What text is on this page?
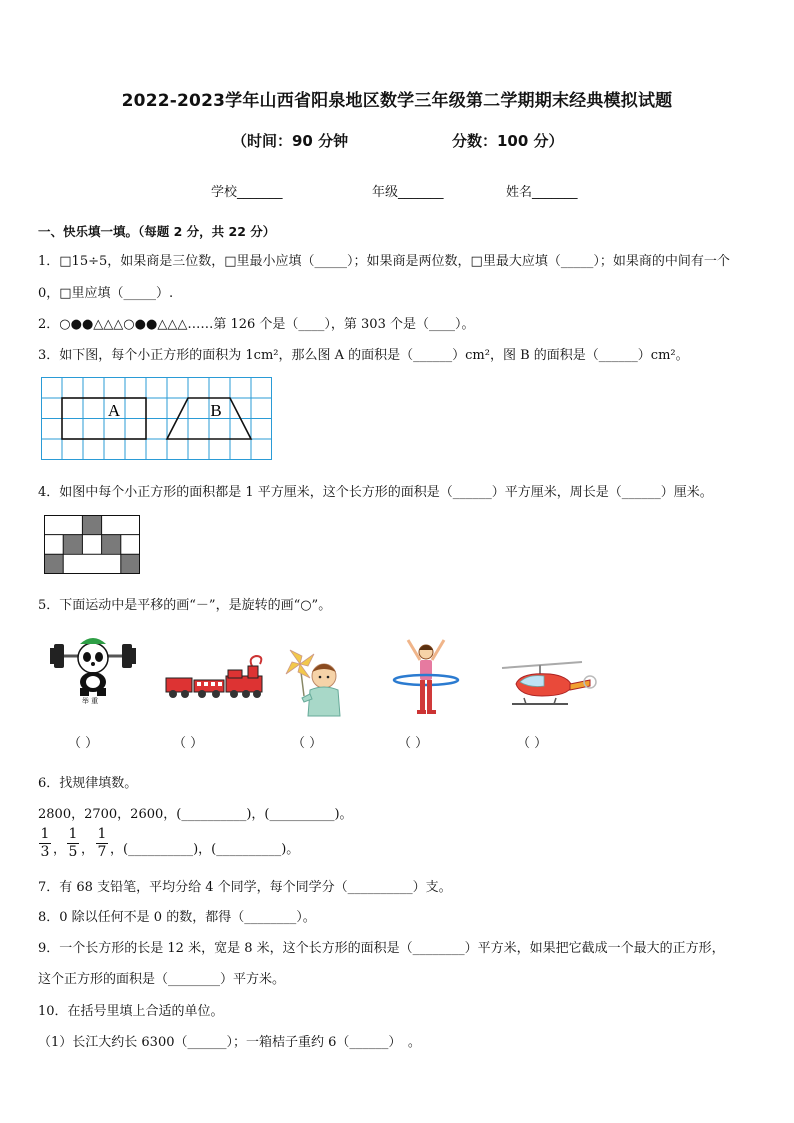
2022-2023学年山西省阳泉地区数学三年级第二学期期末经典模拟试题
（时间：90 分钟	分数：100 分）
学校_______	年级_______	姓名_______
一、快乐填一填。（每题 2 分，共 22 分）
1．□15÷5，如果商是三位数，□里最小应填（_____）；如果商是两位数，□里最大应填（_____）；如果商的中间有一个
0，□里应填（_____）.
2．○●●△△△○●●△△△……第 126 个是（____），第 303 个是（____）。
3．如下图，每个小正方形的面积为 1cm²，那么图 A 的面积是（______）cm²，图 B 的面积是（______）cm²。
A	B
4．如图中每个小正方形的面积都是 1 平方厘米，这个长方形的面积是（______）平方厘米，周长是（______）厘米。
5．下面运动中是平移的画“－”，是旋转的画“○”。
举 重
（ ）	（ ）	（ ）	（ ）	（ ）
6．找规律填数。
2800，2700，2600，(__________)，(__________)。
$\frac{1}{3}$ ， $\frac{1}{5}$ ， $\frac{1}{7}$ ，(__________)，(__________)。
7．有 68 支铅笔，平均分给 4 个同学，每个同学分（__________）支。
8．0 除以任何不是 0 的数，都得（________）。
9．一个长方形的长是 12 米，宽是 8 米，这个长方形的面积是（________）平方米，如果把它截成一个最大的正方形，
这个正方形的面积是（________）平方米。
10．在括号里填上合适的单位。
（1）长江大约长 6300（______）；一箱桔子重约 6（______）　。
